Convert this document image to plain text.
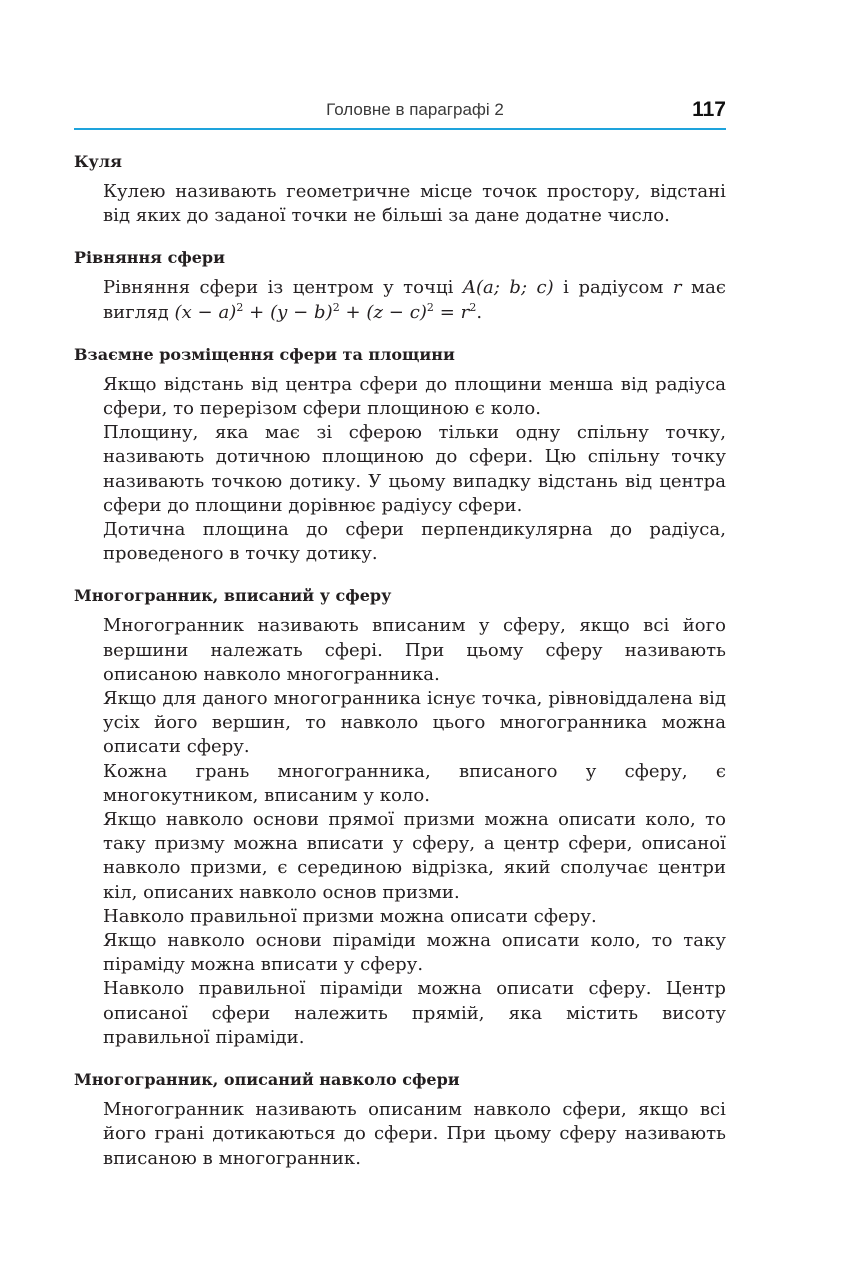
Головне в параграфі 2	117
Куля

Кулею називають геометричне місце точок простору, відстані від яких до заданої точки не більші за дане додатне число.

Рівняння сфери

Рівняння сфери із центром у точці A(a; b; c) і радіусом r має вигляд $(x - a)^2 + (y - b)^2 + (z - c)^2 = r^2$.

Взаємне розміщення сфери та площини

Якщо відстань від центра сфери до площини менша від радіуса сфери, то перерізом сфери площиною є коло.

Площину, яка має зі сферою тільки одну спільну точку, називають дотичною площиною до сфери. Цю спільну точку називають точкою дотику. У цьому випадку відстань від центра сфери до площини дорівнює радіусу сфери.

Дотична площина до сфери перпендикулярна до радіуса, проведеного в точку дотику.

Многогранник, вписаний у сферу

Многогранник називають вписаним у сферу, якщо всі його вершини належать сфері. При цьому сферу називають описаною навколо многогранника.

Якщо для даного многогранника існує точка, рівновіддалена від усіх його вершин, то навколо цього многогранника можна описати сферу.

Кожна грань многогранника, вписаного у сферу, є многокутником, вписаним у коло.

Якщо навколо основи прямої призми можна описати коло, то таку призму можна вписати у сферу, а центр сфери, описаної навколо призми, є серединою відрізка, який сполучає центри кіл, описаних навколо основ призми.

Навколо правильної призми можна описати сферу.

Якщо навколо основи піраміди можна описати коло, то таку піраміду можна вписати у сферу.

Навколо правильної піраміди можна описати сферу. Центр описаної сфери належить прямій, яка містить висоту правильної піраміди.

Многогранник, описаний навколо сфери

Многогранник називають описаним навколо сфери, якщо всі його грані дотикаються до сфери. При цьому сферу називають вписаною в многогранник.
